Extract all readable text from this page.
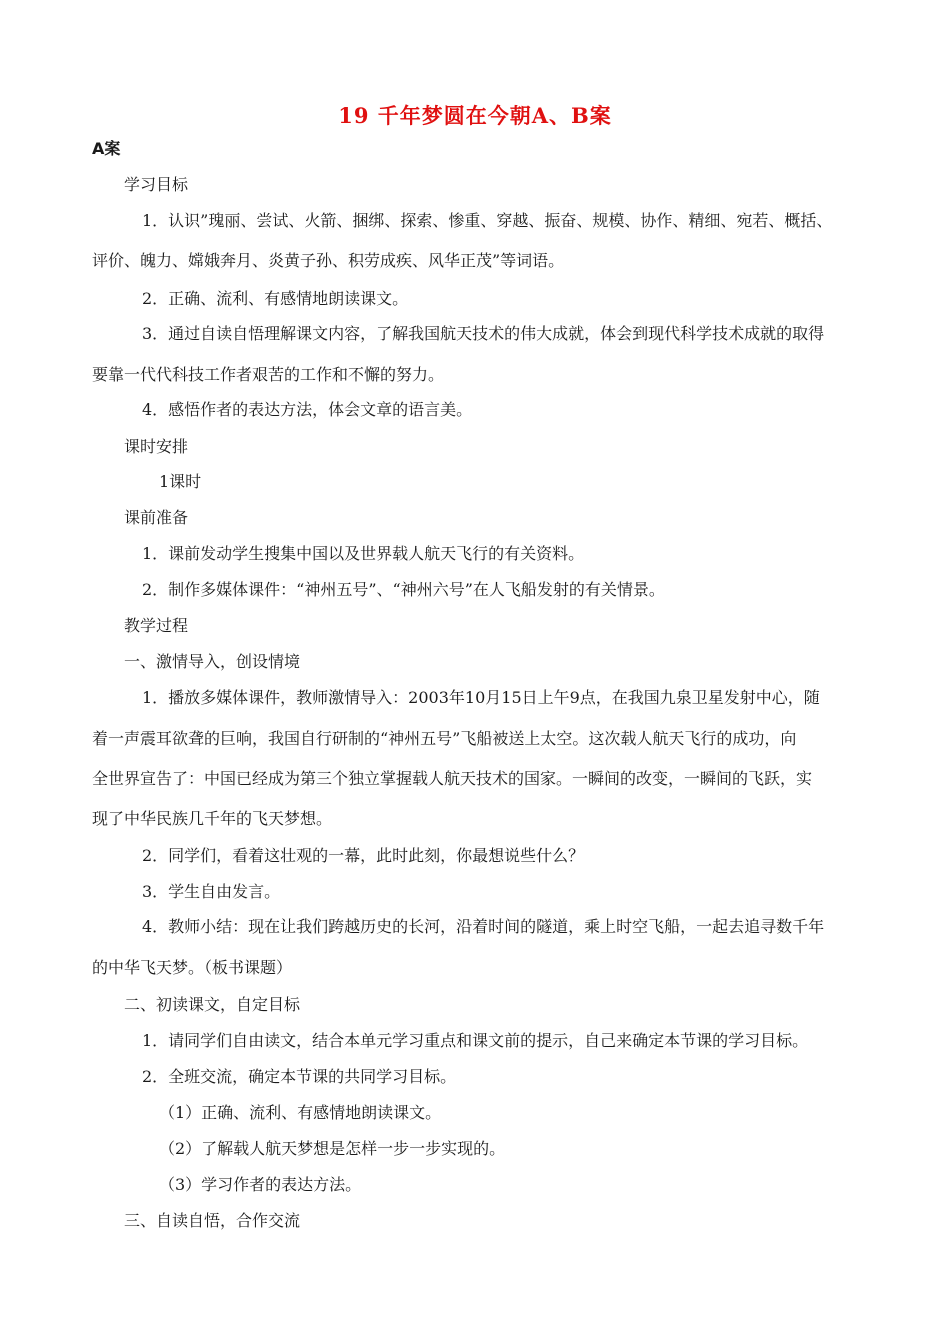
19 千年梦圆在今朝A、B案
A案
学习目标
1．认识”瑰丽、尝试、火箭、捆绑、探索、惨重、穿越、振奋、规模、协作、精细、宛若、概括、
评价、魄力、嫦娥奔月、炎黄子孙、积劳成疾、风华正茂”等词语。
2．正确、流利、有感情地朗读课文。
3．通过自读自悟理解课文内容，了解我国航天技术的伟大成就，体会到现代科学技术成就的取得
要靠一代代科技工作者艰苦的工作和不懈的努力。
4．感悟作者的表达方法，体会文章的语言美。
课时安排
1课时
课前准备
1．课前发动学生搜集中国以及世界载人航天飞行的有关资料。
2．制作多媒体课件：“神州五号”、“神州六号”在人飞船发射的有关情景。
教学过程
一、激情导入，创设情境
1．播放多媒体课件，教师激情导入：2003年10月15日上午9点，在我国九泉卫星发射中心，随
着一声震耳欲聋的巨响，我国自行研制的“神州五号”飞船被送上太空。这次载人航天飞行的成功，向
全世界宣告了：中国已经成为第三个独立掌握载人航天技术的国家。一瞬间的改变，一瞬间的飞跃，实
现了中华民族几千年的飞天梦想。
2．同学们，看着这壮观的一幕，此时此刻，你最想说些什么？
3．学生自由发言。
4．教师小结：现在让我们跨越历史的长河，沿着时间的隧道，乘上时空飞船，一起去追寻数千年
的中华飞天梦。（板书课题）
二、初读课文，自定目标
1．请同学们自由读文，结合本单元学习重点和课文前的提示，自己来确定本节课的学习目标。
2．全班交流，确定本节课的共同学习目标。
（1）正确、流利、有感情地朗读课文。
（2）了解载人航天梦想是怎样一步一步实现的。
（3）学习作者的表达方法。
三、自读自悟，合作交流
